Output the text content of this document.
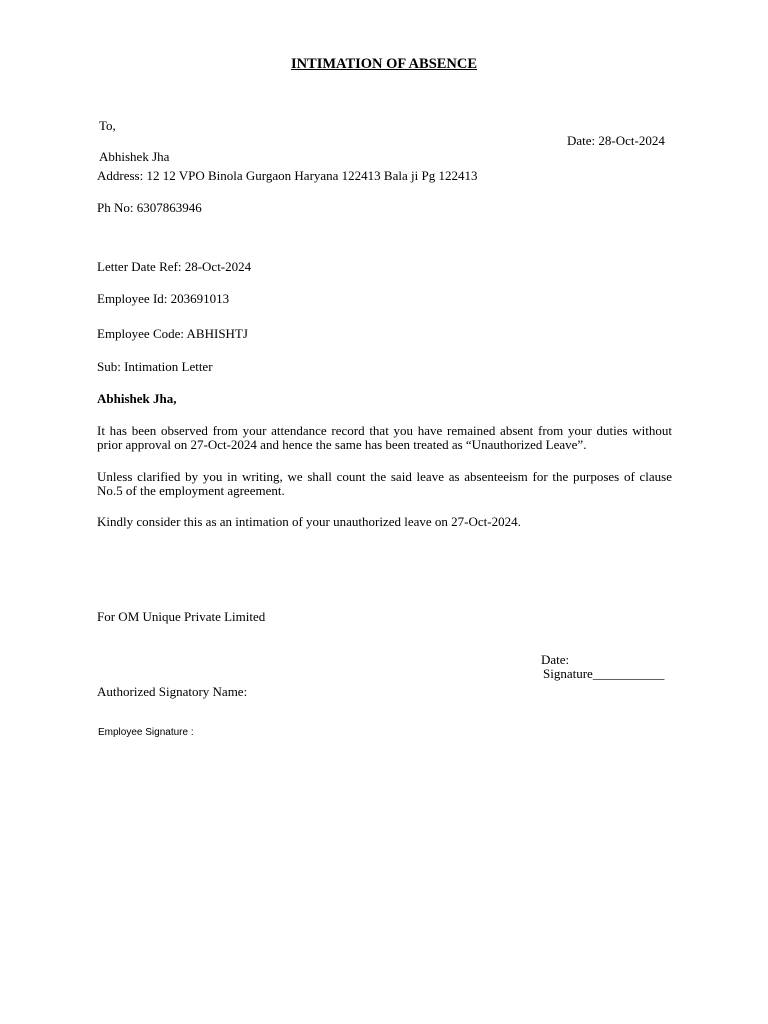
INTIMATION OF ABSENCE
To,
Date: 28-Oct-2024
Abhishek Jha
Address: 12 12 VPO Binola Gurgaon Haryana 122413 Bala ji Pg 122413
Ph No: 6307863946
Letter Date Ref: 28-Oct-2024
Employee Id: 203691013
Employee Code: ABHISHTJ
Sub: Intimation Letter
Abhishek Jha,
It has been observed from your attendance record that you have remained absent from your duties without prior approval on 27-Oct-2024 and hence the same has been treated as “Unauthorized Leave”.
Unless clarified by you in writing, we shall count the said leave as absenteeism for the purposes of clause No.5 of the employment agreement.
Kindly consider this as an intimation of your unauthorized leave on 27-Oct-2024.
For OM Unique Private Limited
Date:
Signature___________
Authorized Signatory Name:
Employee Signature :
